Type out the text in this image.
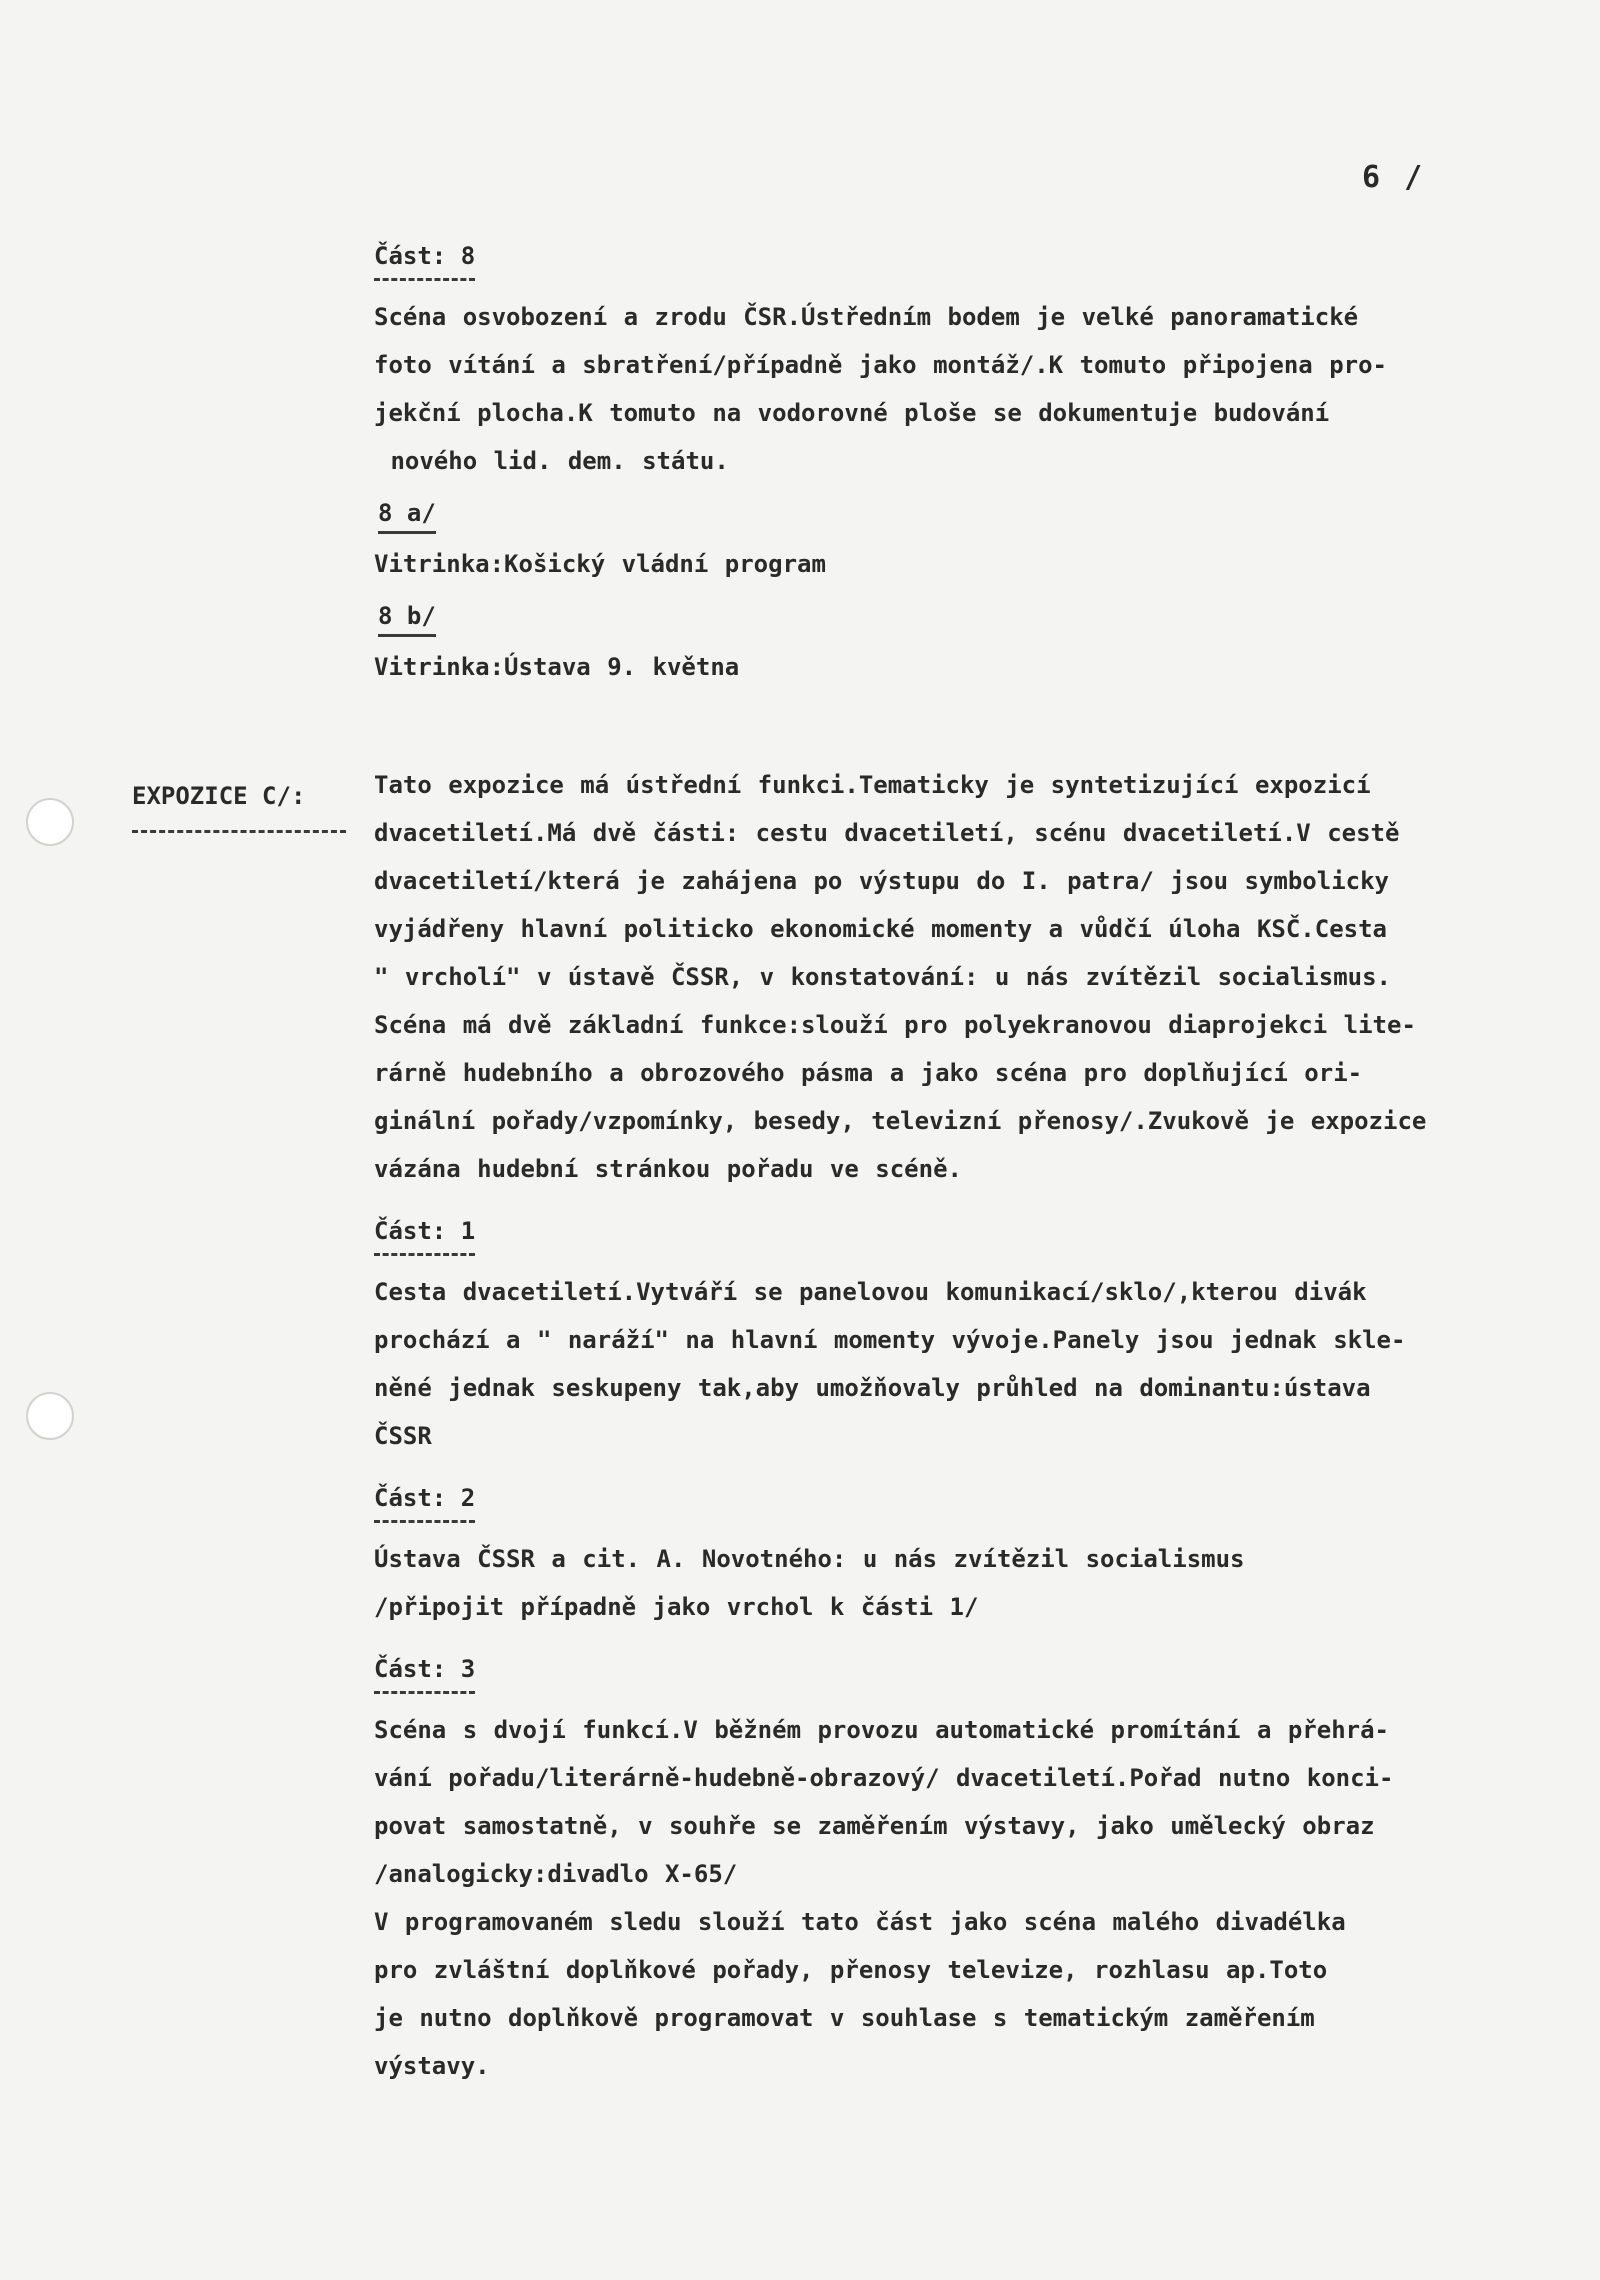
6 /
EXPOZICE C/:
Část: 8

Scéna osvobození a zrodu ČSR.Ústředním bodem je velké panoramatické
foto vítání a sbratření/případně jako montáž/.K tomuto připojena pro-
jekční plocha.K tomuto na vodorovné ploše se dokumentuje budování
nového lid. dem. státu.

8 a/

Vitrinka:Košický vládní program

8 b/

Vitrinka:Ústava 9. května

Tato expozice má ústřední funkci.Tematicky je syntetizující expozicí
dvacetiletí.Má dvě části: cestu dvacetiletí, scénu dvacetiletí.V cestě
dvacetiletí/která je zahájena po výstupu do I. patra/ jsou symbolicky
vyjádřeny hlavní politicko ekonomické momenty a vůdčí úloha KSČ.Cesta
" vrcholí" v ústavě ČSSR, v konstatování: u nás zvítězil socialismus.
Scéna má dvě základní funkce:slouží pro polyekranovou diaprojekci lite-
rárně hudebního a obrozového pásma a jako scéna pro doplňující ori-
ginální pořady/vzpomínky, besedy, televizní přenosy/.Zvukově je expozice
vázána hudební stránkou pořadu ve scéně.

Část: 1

Cesta dvacetiletí.Vytváří se panelovou komunikací/sklo/,kterou divák
prochází a " naráží" na hlavní momenty vývoje.Panely jsou jednak skle-
něné jednak seskupeny tak,aby umožňovaly průhled na dominantu:ústava
ČSSR

Část: 2

Ústava ČSSR a cit. A. Novotného: u nás zvítězil socialismus
/připojit případně jako vrchol k části 1/

Část: 3

Scéna s dvojí funkcí.V běžném provozu automatické promítání a přehrá-
vání pořadu/literárně-hudebně-obrazový/ dvacetiletí.Pořad nutno konci-
povat samostatně, v souhře se zaměřením výstavy, jako umělecký obraz
/analogicky:divadlo X-65/
V programovaném sledu slouží tato část jako scéna malého divadélka
pro zvláštní doplňkové pořady, přenosy televize, rozhlasu ap.Toto
je nutno doplňkově programovat v souhlase s tematickým zaměřením
výstavy.
